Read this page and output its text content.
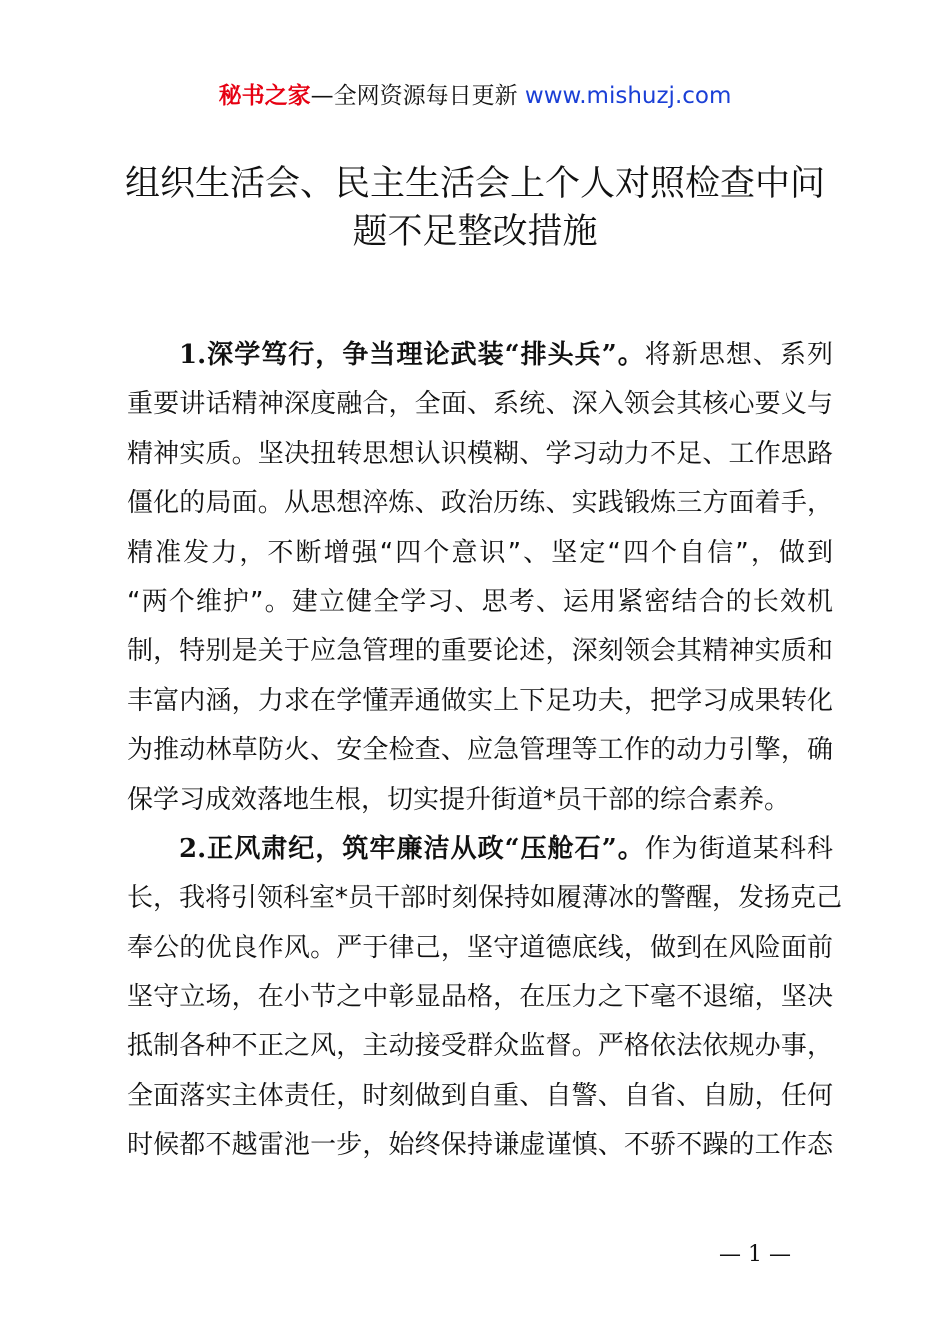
秘书之家—全网资源每日更新 www.mishuzj.com
组织生活会、民主生活会上个人对照检查中问
题不足整改措施
1.深学笃行，争当理论武装“排头兵”。将新思想、系列
重要讲话精神深度融合，全面、系统、深入领会其核心要义与
精神实质。坚决扭转思想认识模糊、学习动力不足、工作思路
僵化的局面。从思想淬炼、政治历练、实践锻炼三方面着手，
精准发力，不断增强“四个意识”、坚定“四个自信”，做到
“两个维护”。建立健全学习、思考、运用紧密结合的长效机
制，特别是关于应急管理的重要论述，深刻领会其精神实质和
丰富内涵，力求在学懂弄通做实上下足功夫，把学习成果转化
为推动林草防火、安全检查、应急管理等工作的动力引擎，确
保学习成效落地生根，切实提升街道*员干部的综合素养。
2.正风肃纪，筑牢廉洁从政“压舱石”。作为街道某科科
长，我将引领科室*员干部时刻保持如履薄冰的警醒，发扬克己
奉公的优良作风。严于律己，坚守道德底线，做到在风险面前
坚守立场，在小节之中彰显品格，在压力之下毫不退缩，坚决
抵制各种不正之风，主动接受群众监督。严格依法依规办事，
全面落实主体责任，时刻做到自重、自警、自省、自励，任何
时候都不越雷池一步，始终保持谦虚谨慎、不骄不躁的工作态
— 1 —
